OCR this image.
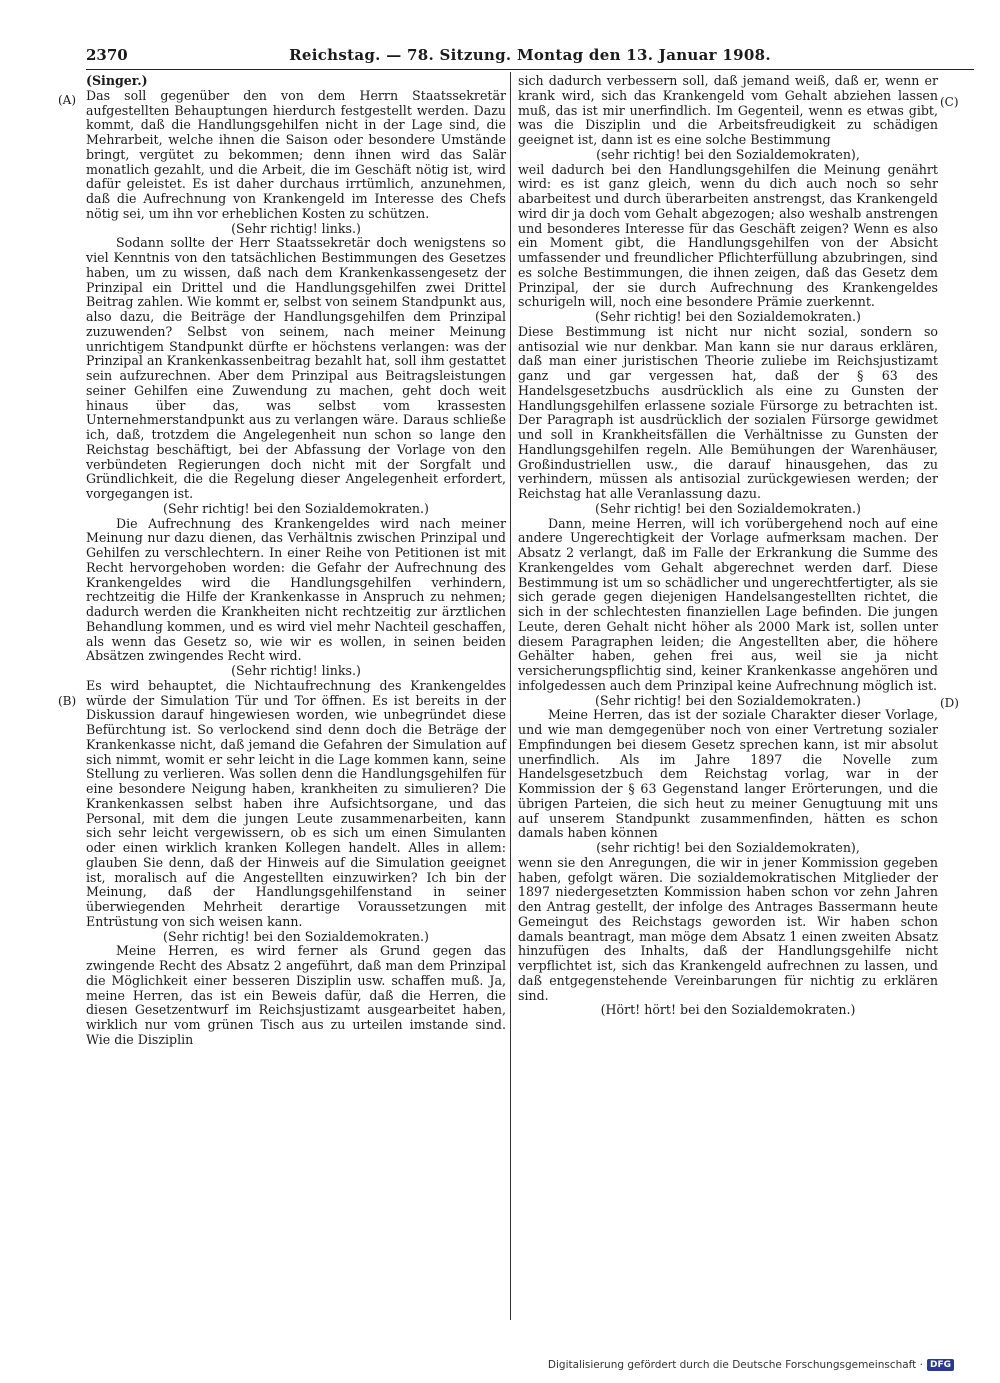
2370	Reichstag. — 78. Sitzung. Montag den 13. Januar 1908.

(Singer.)

Das soll gegenüber den von dem Herrn Staatssekretär aufgestellten Behauptungen hierdurch festgestellt werden. Dazu kommt, daß die Handlungsgehilfen nicht in der Lage sind, die Mehrarbeit, welche ihnen die Saison oder besondere Umstände bringt, vergütet zu bekommen; denn ihnen wird das Salär monatlich gezahlt, und die Arbeit, die im Geschäft nötig ist, wird dafür geleistet. Es ist daher durchaus irrtümlich, anzunehmen, daß die Aufrechnung von Krankengeld im Interesse des Chefs nötig sei, um ihn vor erheblichen Kosten zu schützen.

(Sehr richtig! links.)

Sodann sollte der Herr Staatssekretär doch wenigstens so viel Kenntnis von den tatsächlichen Bestimmungen des Gesetzes haben, um zu wissen, daß nach dem Krankenkassengesetz der Prinzipal ein Drittel und die Handlungsgehilfen zwei Drittel Beitrag zahlen. Wie kommt er, selbst von seinem Standpunkt aus, also dazu, die Beiträge der Handlungsgehilfen dem Prinzipal zuzuwenden? Selbst von seinem, nach meiner Meinung unrichtigem Standpunkt dürfte er höchstens verlangen: was der Prinzipal an Krankenkassenbeitrag bezahlt hat, soll ihm gestattet sein aufzurechnen. Aber dem Prinzipal aus Beitragsleistungen seiner Gehilfen eine Zuwendung zu machen, geht doch weit hinaus über das, was selbst vom krassesten Unternehmerstandpunkt aus zu verlangen wäre. Daraus schließe ich, daß, trotzdem die Angelegenheit nun schon so lange den Reichstag beschäftigt, bei der Abfassung der Vorlage von den verbündeten Regierungen doch nicht mit der Sorgfalt und Gründlichkeit, die die Regelung dieser Angelegenheit erfordert, vorgegangen ist.

(Sehr richtig! bei den Sozialdemokraten.)

Die Aufrechnung des Krankengeldes wird nach meiner Meinung nur dazu dienen, das Verhältnis zwischen Prinzipal und Gehilfen zu verschlechtern. In einer Reihe von Petitionen ist mit Recht hervorgehoben worden: die Gefahr der Aufrechnung des Krankengeldes wird die Handlungsgehilfen verhindern, rechtzeitig die Hilfe der Krankenkasse in Anspruch zu nehmen; dadurch werden die Krankheiten nicht rechtzeitig zur ärztlichen Behandlung kommen, und es wird viel mehr Nachteil geschaffen, als wenn das Gesetz so, wie wir es wollen, in seinen beiden Absätzen zwingendes Recht wird.

(Sehr richtig! links.)

Es wird behauptet, die Nichtaufrechnung des Krankengeldes würde der Simulation Tür und Tor öffnen. Es ist bereits in der Diskussion darauf hingewiesen worden, wie unbegründet diese Befürchtung ist. So verlockend sind denn doch die Beträge der Krankenkasse nicht, daß jemand die Gefahren der Simulation auf sich nimmt, womit er sehr leicht in die Lage kommen kann, seine Stellung zu verlieren. Was sollen denn die Handlungsgehilfen für eine besondere Neigung haben, krankheiten zu simulieren? Die Krankenkassen selbst haben ihre Aufsichtsorgane, und das Personal, mit dem die jungen Leute zusammenarbeiten, kann sich sehr leicht vergewissern, ob es sich um einen Simulanten oder einen wirklich kranken Kollegen handelt. Alles in allem: glauben Sie denn, daß der Hinweis auf die Simulation geeignet ist, moralisch auf die Angestellten einzuwirken? Ich bin der Meinung, daß der Handlungsgehilfenstand in seiner überwiegenden Mehrheit derartige Voraussetzungen mit Entrüstung von sich weisen kann.

(Sehr richtig! bei den Sozialdemokraten.)

Meine Herren, es wird ferner als Grund gegen das zwingende Recht des Absatz 2 angeführt, daß man dem Prinzipal die Möglichkeit einer besseren Disziplin usw. schaffen muß. Ja, meine Herren, das ist ein Beweis dafür, daß die Herren, die diesen Gesetzentwurf im Reichsjustizamt ausgearbeitet haben, wirklich nur vom grünen Tisch aus zu urteilen imstande sind. Wie die Disziplin

sich dadurch verbessern soll, daß jemand weiß, daß er, wenn er krank wird, sich das Krankengeld vom Gehalt abziehen lassen muß, das ist mir unerfindlich. Im Gegenteil, wenn es etwas gibt, was die Disziplin und die Arbeitsfreudigkeit zu schädigen geeignet ist, dann ist es eine solche Bestimmung

(sehr richtig! bei den Sozialdemokraten),

weil dadurch bei den Handlungsgehilfen die Meinung genährt wird: es ist ganz gleich, wenn du dich auch noch so sehr abarbeitest und durch überarbeiten anstrengst, das Krankengeld wird dir ja doch vom Gehalt abgezogen; also weshalb anstrengen und besonderes Interesse für das Geschäft zeigen? Wenn es also ein Moment gibt, die Handlungsgehilfen von der Absicht umfassender und freundlicher Pflichterfüllung abzubringen, sind es solche Bestimmungen, die ihnen zeigen, daß das Gesetz dem Prinzipal, der sie durch Aufrechnung des Krankengeldes schurigeln will, noch eine besondere Prämie zuerkennt.

(Sehr richtig! bei den Sozialdemokraten.)

Diese Bestimmung ist nicht nur nicht sozial, sondern so antisozial wie nur denkbar. Man kann sie nur daraus erklären, daß man einer juristischen Theorie zuliebe im Reichsjustizamt ganz und gar vergessen hat, daß der § 63 des Handelsgesetzbuchs ausdrücklich als eine zu Gunsten der Handlungsgehilfen erlassene soziale Fürsorge zu betrachten ist. Der Paragraph ist ausdrücklich der sozialen Fürsorge gewidmet und soll in Krankheitsfällen die Verhältnisse zu Gunsten der Handlungsgehilfen regeln. Alle Bemühungen der Warenhäuser, Großindustriellen usw., die darauf hinausgehen, das zu verhindern, müssen als antisozial zurückgewiesen werden; der Reichstag hat alle Veranlassung dazu.

(Sehr richtig! bei den Sozialdemokraten.)

Dann, meine Herren, will ich vorübergehend noch auf eine andere Ungerechtigkeit der Vorlage aufmerksam machen. Der Absatz 2 verlangt, daß im Falle der Erkrankung die Summe des Krankengeldes vom Gehalt abgerechnet werden darf. Diese Bestimmung ist um so schädlicher und ungerechtfertigter, als sie sich gerade gegen diejenigen Handelsangestellten richtet, die sich in der schlechtesten finanziellen Lage befinden. Die jungen Leute, deren Gehalt nicht höher als 2000 Mark ist, sollen unter diesem Paragraphen leiden; die Angestellten aber, die höhere Gehälter haben, gehen frei aus, weil sie ja nicht versicherungspflichtig sind, keiner Krankenkasse angehören und infolgedessen auch dem Prinzipal keine Aufrechnung möglich ist.

(Sehr richtig! bei den Sozialdemokraten.)

Meine Herren, das ist der soziale Charakter dieser Vorlage, und wie man demgegenüber noch von einer Vertretung sozialer Empfindungen bei diesem Gesetz sprechen kann, ist mir absolut unerfindlich. Als im Jahre 1897 die Novelle zum Handelsgesetzbuch dem Reichstag vorlag, war in der Kommission der § 63 Gegenstand langer Erörterungen, und die übrigen Parteien, die sich heut zu meiner Genugtuung mit uns auf unserem Standpunkt zusammenfinden, hätten es schon damals haben können

(sehr richtig! bei den Sozialdemokraten),

wenn sie den Anregungen, die wir in jener Kommission gegeben haben, gefolgt wären. Die sozialdemokratischen Mitglieder der 1897 niedergesetzten Kommission haben schon vor zehn Jahren den Antrag gestellt, der infolge des Antrages Bassermann heute Gemeingut des Reichstags geworden ist. Wir haben schon damals beantragt, man möge dem Absatz 1 einen zweiten Absatz hinzufügen des Inhalts, daß der Handlungsgehilfe nicht verpflichtet ist, sich das Krankengeld aufrechnen zu lassen, und daß entgegenstehende Vereinbarungen für nichtig zu erklären sind.

(Hört! hört! bei den Sozialdemokraten.)

(A)
(B)
(C)
(D)
Digitalisierung gefördert durch die Deutsche Forschungsgemeinschaft · DFG
